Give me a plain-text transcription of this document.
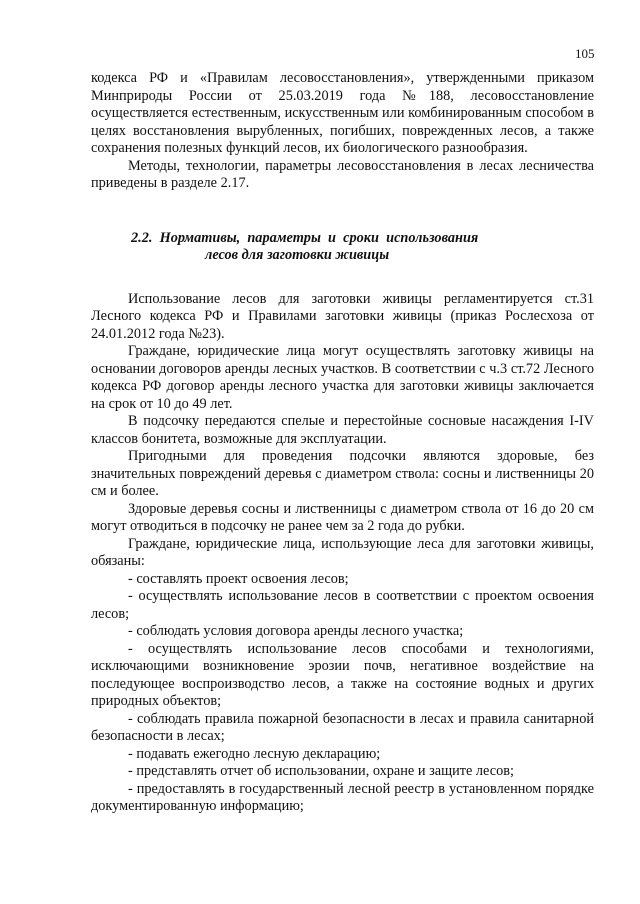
105

кодекса РФ и «Правилам лесовосстановления», утвержденными приказом Минприроды России от 25.03.2019 года №188, лесовосстановление осуществляется естественным, искусственным или комбинированным способом в целях восстановления вырубленных, погибших, поврежденных лесов, а также сохранения полезных функций лесов, их биологического разнообразия.

Методы, технологии, параметры лесовосстановления в лесах лесничества приведены в разделе 2.17.

2.2.  Нормативы,  параметры  и  сроки  использования
лесов для заготовки живицы

Использование лесов для заготовки живицы регламентируется ст.31 Лесного кодекса РФ и Правилами заготовки живицы (приказ Рослесхоза от 24.01.2012 года №23).

Граждане, юридические лица могут осуществлять заготовку живицы на основании договоров аренды лесных участков. В соответствии с ч.3 ст.72 Лесного кодекса РФ договор аренды лесного участка для заготовки живицы заключается на срок от 10 до 49 лет.

В подсочку передаются спелые и перестойные сосновые насаждения I-IV классов бонитета, возможные для эксплуатации.

Пригодными для проведения подсочки являются здоровые, без значительных повреждений деревья с диаметром ствола: сосны и лиственницы 20 см и более.

Здоровые деревья сосны и лиственницы с диаметром ствола от 16 до 20 см могут отводиться в подсочку не ранее чем за 2 года до рубки.

Граждане, юридические лица, использующие леса для заготовки живицы, обязаны:

- составлять проект освоения лесов;

- осуществлять использование лесов в соответствии с проектом освоения лесов;

- соблюдать условия договора аренды лесного участка;

- осуществлять использование лесов способами и технологиями, исключающими возникновение эрозии почв, негативное воздействие на последующее воспроизводство лесов, а также на состояние водных и других природных объектов;

- соблюдать правила пожарной безопасности в лесах и правила санитарной безопасности в лесах;

- подавать ежегодно лесную декларацию;

- представлять отчет об использовании, охране и защите лесов;

- предоставлять в государственный лесной реестр в установленном порядке документированную информацию;
